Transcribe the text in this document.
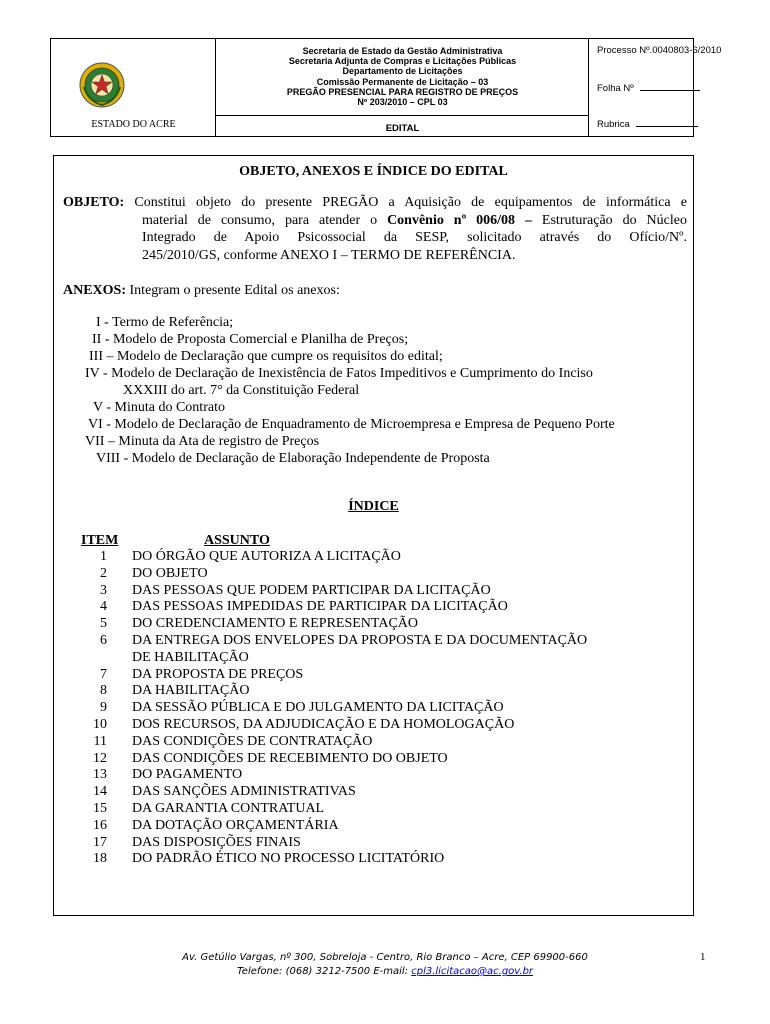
ESTADO DO ACRE
Secretaria de Estado da Gestão Administrativa
Secretaria Adjunta de Compras e Licitações Públicas
Departamento de Licitações
Comissão Permanente de Licitação – 03
PREGÃO PRESENCIAL PARA REGISTRO DE PREÇOS
Nº 203/2010 – CPL 03
EDITAL
Processo Nº.0040803-6/2010
Folha Nº
Rubrica
OBJETO, ANEXOS E ÍNDICE DO EDITAL
OBJETO: Constitui objeto do presente PREGÃO a Aquisição de equipamentos de informática e
material de consumo, para atender o Convênio nº 006/08 – Estruturação do Núcleo
Integrado de Apoio Psicossocial da SESP, solicitado através do Ofício/Nº.
245/2010/GS, conforme ANEXO I – TERMO DE REFERÊNCIA.
ANEXOS: Integram o presente Edital os anexos:
I - Termo de Referência;
II - Modelo de Proposta Comercial e Planilha de Preços;
III – Modelo de Declaração que cumpre os requisitos do edital;
IV - Modelo de Declaração de Inexistência de Fatos Impeditivos e Cumprimento do Inciso
XXXIII do art. 7° da Constituição Federal
V - Minuta do Contrato
VI - Modelo de Declaração de Enquadramento de Microempresa e Empresa de Pequeno Porte
VII – Minuta da Ata de registro de Preços
VIII - Modelo de Declaração de Elaboração Independente de Proposta
ÍNDICE
ITEM	ASSUNTO
1 DO ÓRGÃO QUE AUTORIZA A LICITAÇÃO
2 DO OBJETO
3 DAS PESSOAS QUE PODEM PARTICIPAR DA LICITAÇÃO
4 DAS PESSOAS IMPEDIDAS DE PARTICIPAR DA LICITAÇÃO
5 DO CREDENCIAMENTO E REPRESENTAÇÃO
6 DA ENTREGA DOS ENVELOPES DA PROPOSTA E DA DOCUMENTAÇÃO
DE HABILITAÇÃO
7 DA PROPOSTA DE PREÇOS
8 DA HABILITAÇÃO
9 DA SESSÃO PÚBLICA E DO JULGAMENTO DA LICITAÇÃO
10 DOS RECURSOS, DA ADJUDICAÇÃO E DA HOMOLOGAÇÃO
11 DAS CONDIÇÕES DE CONTRATAÇÃO
12 DAS CONDIÇÕES DE RECEBIMENTO DO OBJETO
13 DO PAGAMENTO
14 DAS SANÇÕES ADMINISTRATIVAS
15 DA GARANTIA CONTRATUAL
16 DA DOTAÇÃO ORÇAMENTÁRIA
17 DAS DISPOSIÇÕES FINAIS
18 DO PADRÃO ÉTICO NO PROCESSO LICITATÓRIO
Av. Getúlio Vargas, nº 300, Sobreloja - Centro, Rio Branco – Acre, CEP 69900-660
Telefone: (068) 3212-7500 E-mail: cpl3.licitacao@ac.gov.br
1
